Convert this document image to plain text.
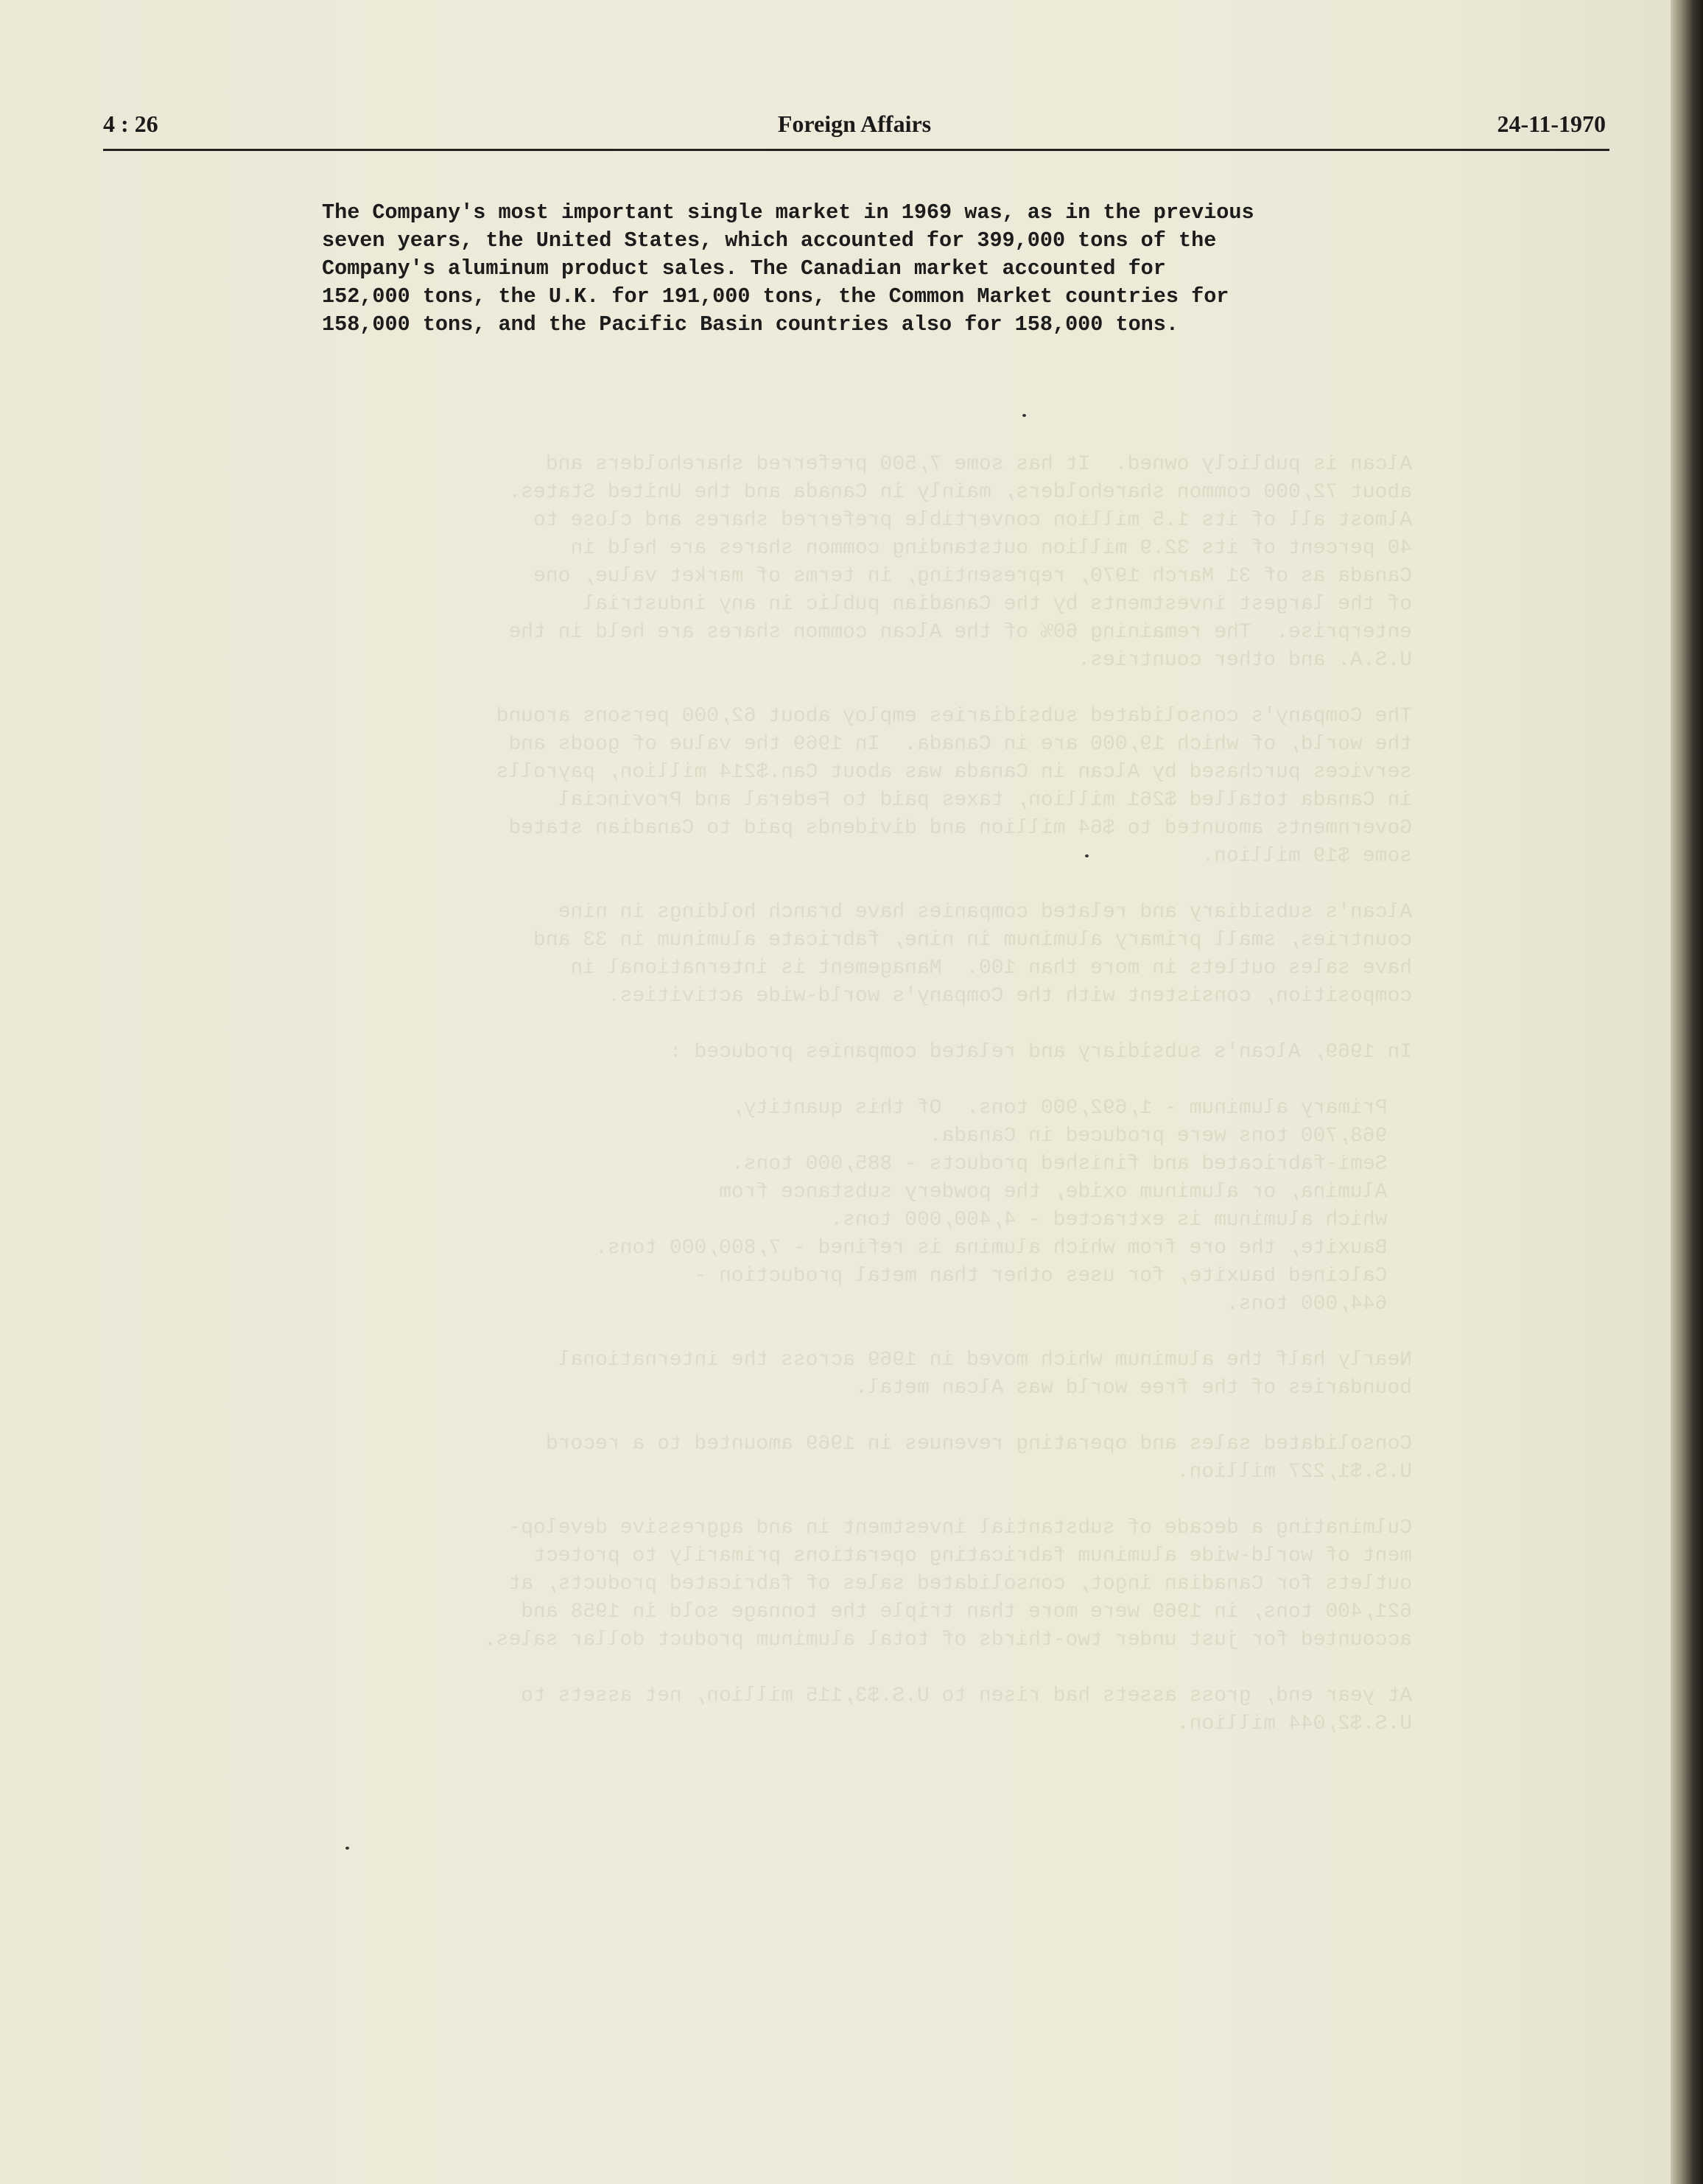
Alcan is publicly owned.  It has some 7,500 preferred shareholders and
about 72,000 common shareholders, mainly in Canada and the United States.
Almost all of its 1.5 million convertible preferred shares and close to
40 percent of its 32.9 million outstanding common shares are held in
Canada as of 31 March 1970, representing, in terms of market value, one
of the largest investments by the Canadian public in any industrial
enterprise.  The remaining 60% of the Alcan common shares are held in the
U.S.A. and other countries.

The Company's consolidated subsidiaries employ about 62,000 persons around
the world, of which 19,000 are in Canada.  In 1969 the value of goods and
services purchased by Alcan in Canada was about Can.$214 million, payrolls
in Canada totalled $261 million, taxes paid to Federal and Provincial
Governments amounted to $64 million and dividends paid to Canadian stated
some $19 million.

Alcan's subsidiary and related companies have branch holdings in nine
countries, small primary aluminum in nine, fabricate aluminum in 33 and
have sales outlets in more than 100.  Management is international in
composition, consistent with the Company's world-wide activities.

In 1969, Alcan's subsidiary and related companies produced :

Primary aluminum - 1,692,900 tons.  Of this quantity,
968,700 tons were produced in Canada.
Semi-fabricated and finished products - 885,000 tons.
Alumina, or aluminum oxide, the powdery substance from
which aluminum is extracted - 4,400,000 tons.
Bauxite, the ore from which alumina is refined - 7,800,000 tons.
Calcined bauxite, for uses other than metal production -
644,000 tons.

Nearly half the aluminum which moved in 1969 across the international
boundaries of the free world was Alcan metal.

Consolidated sales and operating revenues in 1969 amounted to a record
U.S.$1,227 million.

Culminating a decade of substantial investment in and aggressive develop-
ment of world-wide aluminum fabricating operations primarily to protect
outlets for Canadian ingot, consolidated sales of fabricated products, at
621,400 tons, in 1969 were more than triple the tonnage sold in 1958 and
accounted for just under two-thirds of total aluminum product dollar sales.

At year end, gross assets had risen to U.S.$3,115 million, net assets to
U.S.$2,044 million.
4 : 26	Foreign Affairs	24-11-1970
The Company's most important single market in 1969 was, as in the previous
seven years, the United States, which accounted for 399,000 tons of the
Company's aluminum product sales. The Canadian market accounted for
152,000 tons, the U.K. for 191,000 tons, the Common Market countries for
158,000 tons, and the Pacific Basin countries also for 158,000 tons.
